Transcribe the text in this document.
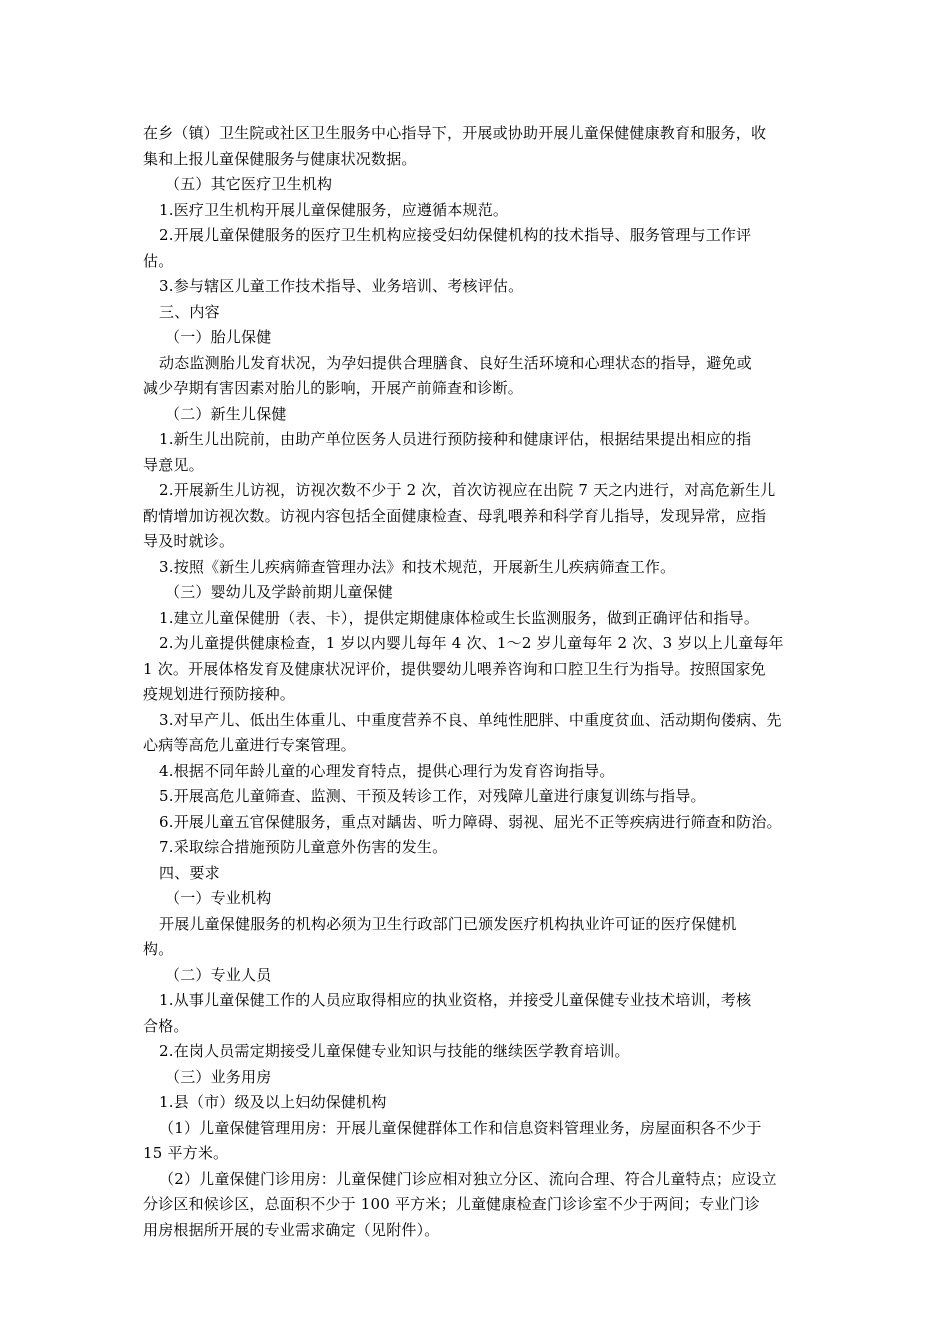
在乡（镇）卫生院或社区卫生服务中心指导下，开展或协助开展儿童保健健康教育和服务，收
集和上报儿童保健服务与健康状况数据。
（五）其它医疗卫生机构
1.医疗卫生机构开展儿童保健服务，应遵循本规范。
2.开展儿童保健服务的医疗卫生机构应接受妇幼保健机构的技术指导、服务管理与工作评
估。
3.参与辖区儿童工作技术指导、业务培训、考核评估。
三、内容
（一）胎儿保健
动态监测胎儿发育状况，为孕妇提供合理膳食、良好生活环境和心理状态的指导，避免或
减少孕期有害因素对胎儿的影响，开展产前筛查和诊断。
（二）新生儿保健
1.新生儿出院前，由助产单位医务人员进行预防接种和健康评估，根据结果提出相应的指
导意见。
2.开展新生儿访视，访视次数不少于 2 次，首次访视应在出院 7 天之内进行，对高危新生儿
酌情增加访视次数。访视内容包括全面健康检查、母乳喂养和科学育儿指导，发现异常，应指
导及时就诊。
3.按照《新生儿疾病筛查管理办法》和技术规范，开展新生儿疾病筛查工作。
（三）婴幼儿及学龄前期儿童保健
1.建立儿童保健册（表、卡），提供定期健康体检或生长监测服务，做到正确评估和指导。
2.为儿童提供健康检查，1 岁以内婴儿每年 4 次、1～2 岁儿童每年 2 次、3 岁以上儿童每年
1 次。开展体格发育及健康状况评价，提供婴幼儿喂养咨询和口腔卫生行为指导。按照国家免
疫规划进行预防接种。
3.对早产儿、低出生体重儿、中重度营养不良、单纯性肥胖、中重度贫血、活动期佝偻病、先
心病等高危儿童进行专案管理。
4.根据不同年龄儿童的心理发育特点，提供心理行为发育咨询指导。
5.开展高危儿童筛查、监测、干预及转诊工作，对残障儿童进行康复训练与指导。
6.开展儿童五官保健服务，重点对龋齿、听力障碍、弱视、屈光不正等疾病进行筛查和防治。
7.采取综合措施预防儿童意外伤害的发生。
四、要求
（一）专业机构
开展儿童保健服务的机构必须为卫生行政部门已颁发医疗机构执业许可证的医疗保健机
构。
（二）专业人员
1.从事儿童保健工作的人员应取得相应的执业资格，并接受儿童保健专业技术培训，考核
合格。
2.在岗人员需定期接受儿童保健专业知识与技能的继续医学教育培训。
（三）业务用房
1.县（市）级及以上妇幼保健机构
（1）儿童保健管理用房：开展儿童保健群体工作和信息资料管理业务，房屋面积各不少于
15 平方米。
（2）儿童保健门诊用房：儿童保健门诊应相对独立分区、流向合理、符合儿童特点；应设立
分诊区和候诊区，总面积不少于 100 平方米；儿童健康检查门诊诊室不少于两间；专业门诊
用房根据所开展的专业需求确定（见附件）。
